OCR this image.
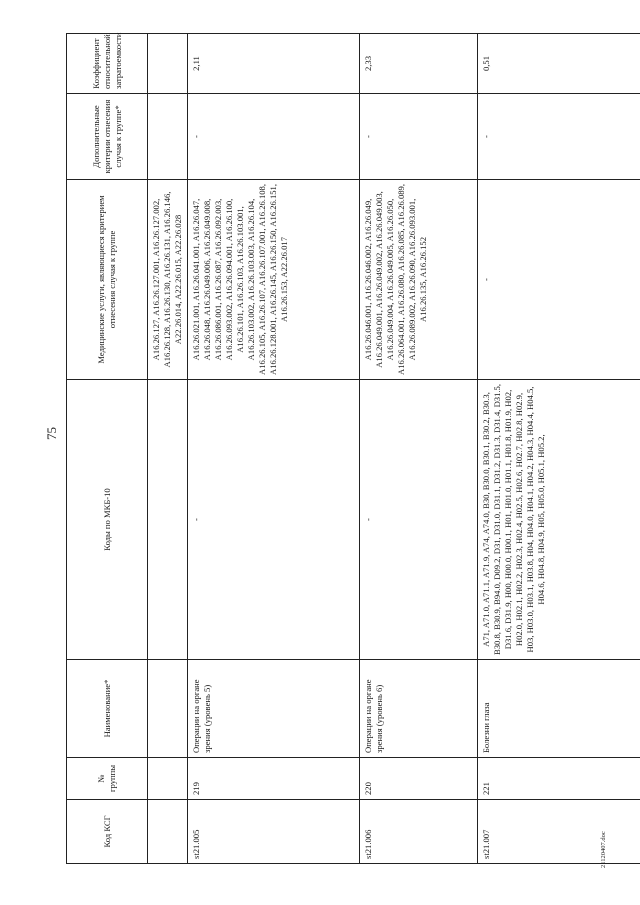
75
Код КСГ	№ группы	Наименование*	Коды по МКБ-10	Медицинские услуги, являющиеся критерием отнесения случая к группе	Дополнительные критерии отнесения случая к группе*	Коэффициент относительной затратоемкости
				A16.26.127, A16.26.127.001, A16.26.127.002, A16.26.128, A16.26.130, A16.26.131, A16.26.146, A22.26.014, A22.26.015, A22.26.028		
st21.005	219	Операции на органе зрения (уровень 5)	-	A16.26.021.001, A16.26.041.001, A16.26.047, A16.26.048, A16.26.049.006, A16.26.049.008, A16.26.086.001, A16.26.087, A16.26.092.003, A16.26.093.002, A16.26.094.001, A16.26.100, A16.26.101, A16.26.103, A16.26.103.001, A16.26.103.002, A16.26.103.003, A16.26.104, A16.26.105, A16.26.107, A16.26.107.001, A16.26.108, A16.26.128.001, A16.26.145, A16.26.150, A16.26.151, A16.26.153, A22.26.017	-	2,11
st21.006	220	Операции на органе зрения (уровень 6)	-	A16.26.046.001, A16.26.046.002, A16.26.049, A16.26.049.001, A16.26.049.002, A16.26.049.003, A16.26.049.004, A16.26.049.005, A16.26.050, A16.26.064.001, A16.26.080, A16.26.085, A16.26.089, A16.26.089.002, A16.26.090, A16.26.093.001, A16.26.135, A16.26.152	-	2,33
st21.007	221	Болезни глаза	A71, A71.0, A71.1, A71.9, A74, A74.0, B30, B30.0, B30.1, B30.2, B30.3, B30.8, B30.9, B94.0, D09.2, D31, D31.0, D31.1, D31.2, D31.3, D31.4, D31.5, D31.6, D31.9, H00, H00.0, H00.1, H01, H01.0, H01.1, H01.8, H01.9, H02, H02.0, H02.1, H02.2, H02.3, H02.4, H02.5, H02.6, H02.7, H02.8, H02.9, H03, H03.0, H03.1, H03.8, H04, H04.0, H04.1, H04.2, H04.3, H04.4, H04.5, H04.6, H04.8, H04.9, H05, H05.0, H05.1, H05.2,	-	-	0,51
21120407.doc
